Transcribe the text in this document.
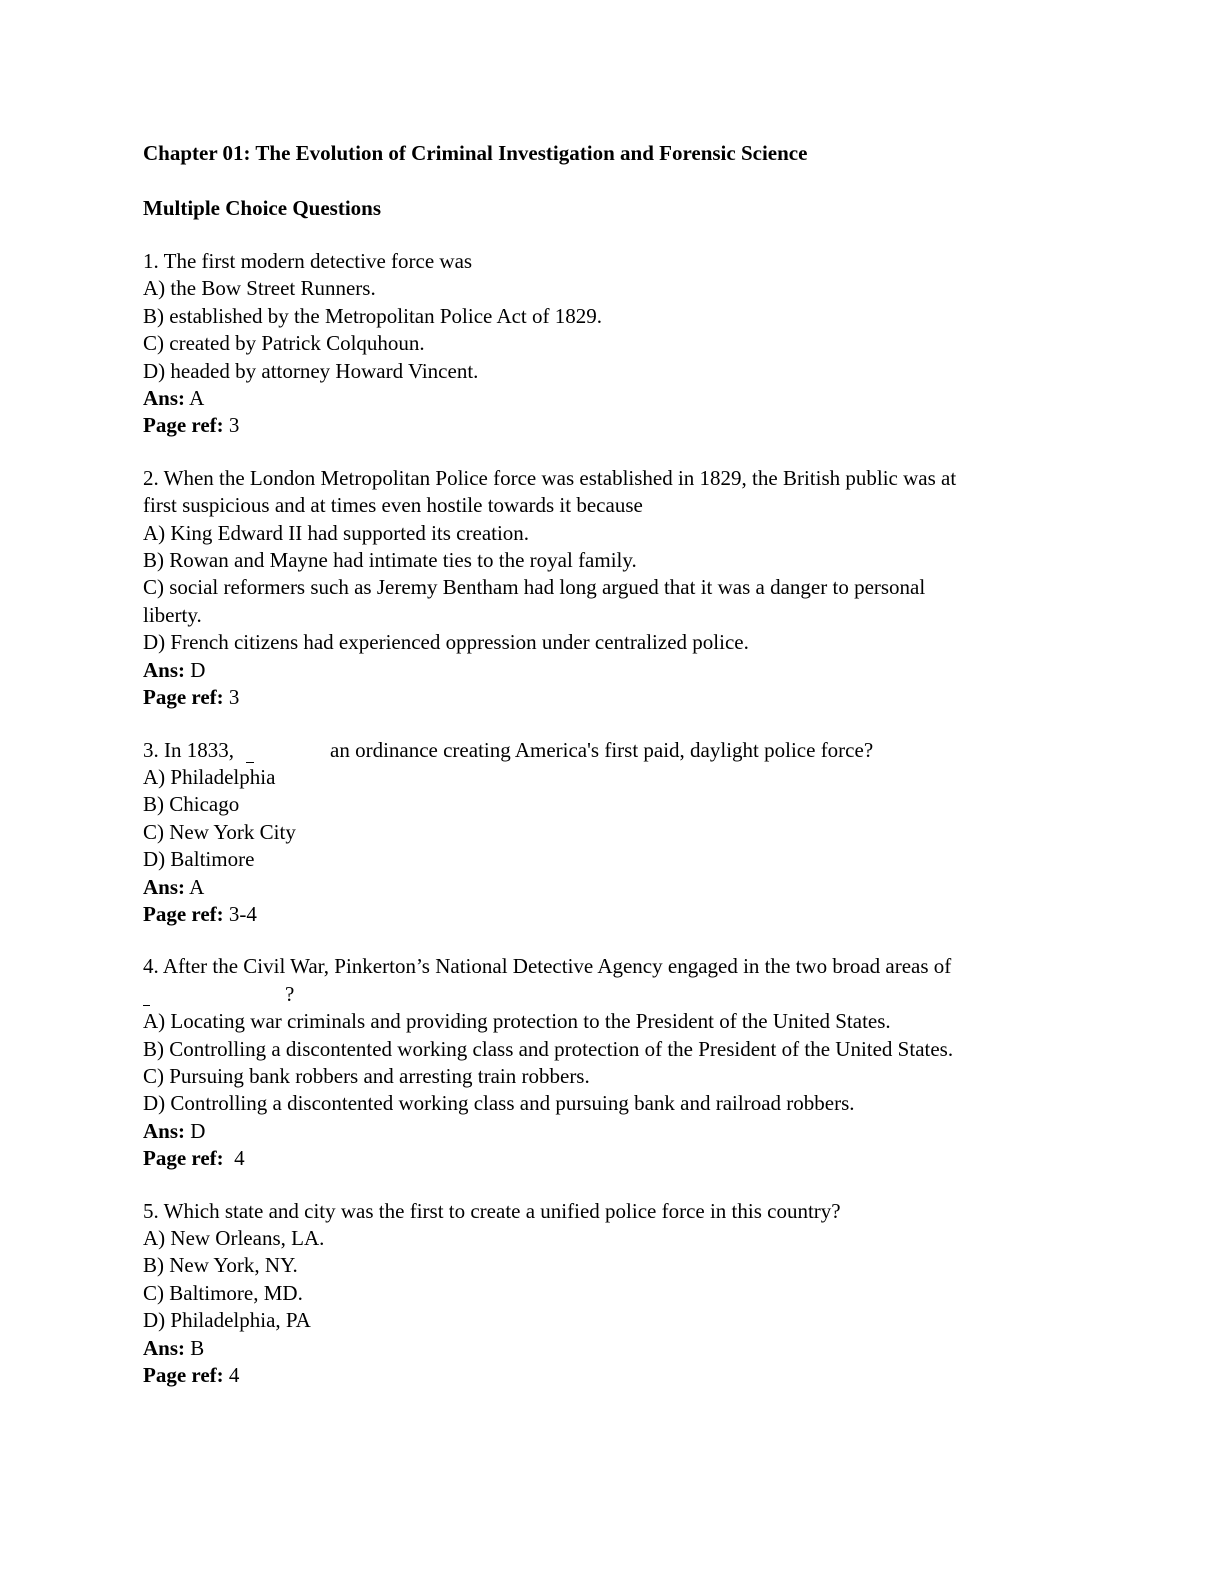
Chapter 01: The Evolution of Criminal Investigation and Forensic Science

Multiple Choice Questions

1. The first modern detective force was
A) the Bow Street Runners.
B) established by the Metropolitan Police Act of 1829.
C) created by Patrick Colquhoun.
D) headed by attorney Howard Vincent.
Ans: A
Page ref: 3
2. When the London Metropolitan Police force was established in 1829, the British public was at
first suspicious and at times even hostile towards it because
A) King Edward II had supported its creation.
B) Rowan and Mayne had intimate ties to the royal family.
C) social reformers such as Jeremy Bentham had long argued that it was a danger to personal
liberty.
D) French citizens had experienced oppression under centralized police.
Ans: D
Page ref: 3
3. In 1833,	an ordinance creating America's first paid, daylight police force?
A) Philadelphia
B) Chicago
C) New York City
D) Baltimore
Ans: A
Page ref: 3-4
4. After the Civil War, Pinkerton’s National Detective Agency engaged in the two broad areas of
?
A) Locating war criminals and providing protection to the President of the United States.
B) Controlling a discontented working class and protection of the President of the United States.
C) Pursuing bank robbers and arresting train robbers.
D) Controlling a discontented working class and pursuing bank and railroad robbers.
Ans: D
Page ref:  4
5. Which state and city was the first to create a unified police force in this country?
A) New Orleans, LA.
B) New York, NY.
C) Baltimore, MD.
D) Philadelphia, PA
Ans: B
Page ref: 4
